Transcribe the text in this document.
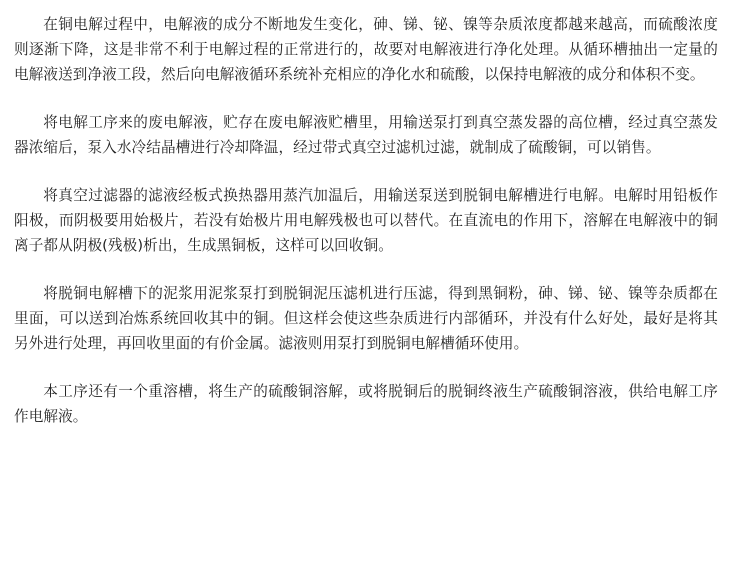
在铜电解过程中，电解液的成分不断地发生变化，砷、锑、铋、镍等杂质浓度都越来越高，而硫酸浓度则逐渐下降，这是非常不利于电解过程的正常进行的，故要对电解液进行净化处理。从循环槽抽出一定量的电解液送到净液工段，然后向电解液循环系统补充相应的净化水和硫酸，以保持电解液的成分和体积不变。

将电解工序来的废电解液，贮存在废电解液贮槽里，用输送泵打到真空蒸发器的高位槽，经过真空蒸发器浓缩后，泵入水冷结晶槽进行冷却降温，经过带式真空过滤机过滤，就制成了硫酸铜，可以销售。

将真空过滤器的滤液经板式换热器用蒸汽加温后，用输送泵送到脱铜电解槽进行电解。电解时用铅板作阳极，而阴极要用始极片，若没有始极片用电解残极也可以替代。在直流电的作用下，溶解在电解液中的铜离子都从阴极(残极)析出，生成黑铜板，这样可以回收铜。

将脱铜电解槽下的泥浆用泥浆泵打到脱铜泥压滤机进行压滤，得到黑铜粉，砷、锑、铋、镍等杂质都在里面，可以送到冶炼系统回收其中的铜。但这样会使这些杂质进行内部循环，并没有什么好处，最好是将其另外进行处理，再回收里面的有价金属。滤液则用泵打到脱铜电解槽循环使用。

本工序还有一个重溶槽，将生产的硫酸铜溶解，或将脱铜后的脱铜终液生产硫酸铜溶液，供给电解工序作电解液。
